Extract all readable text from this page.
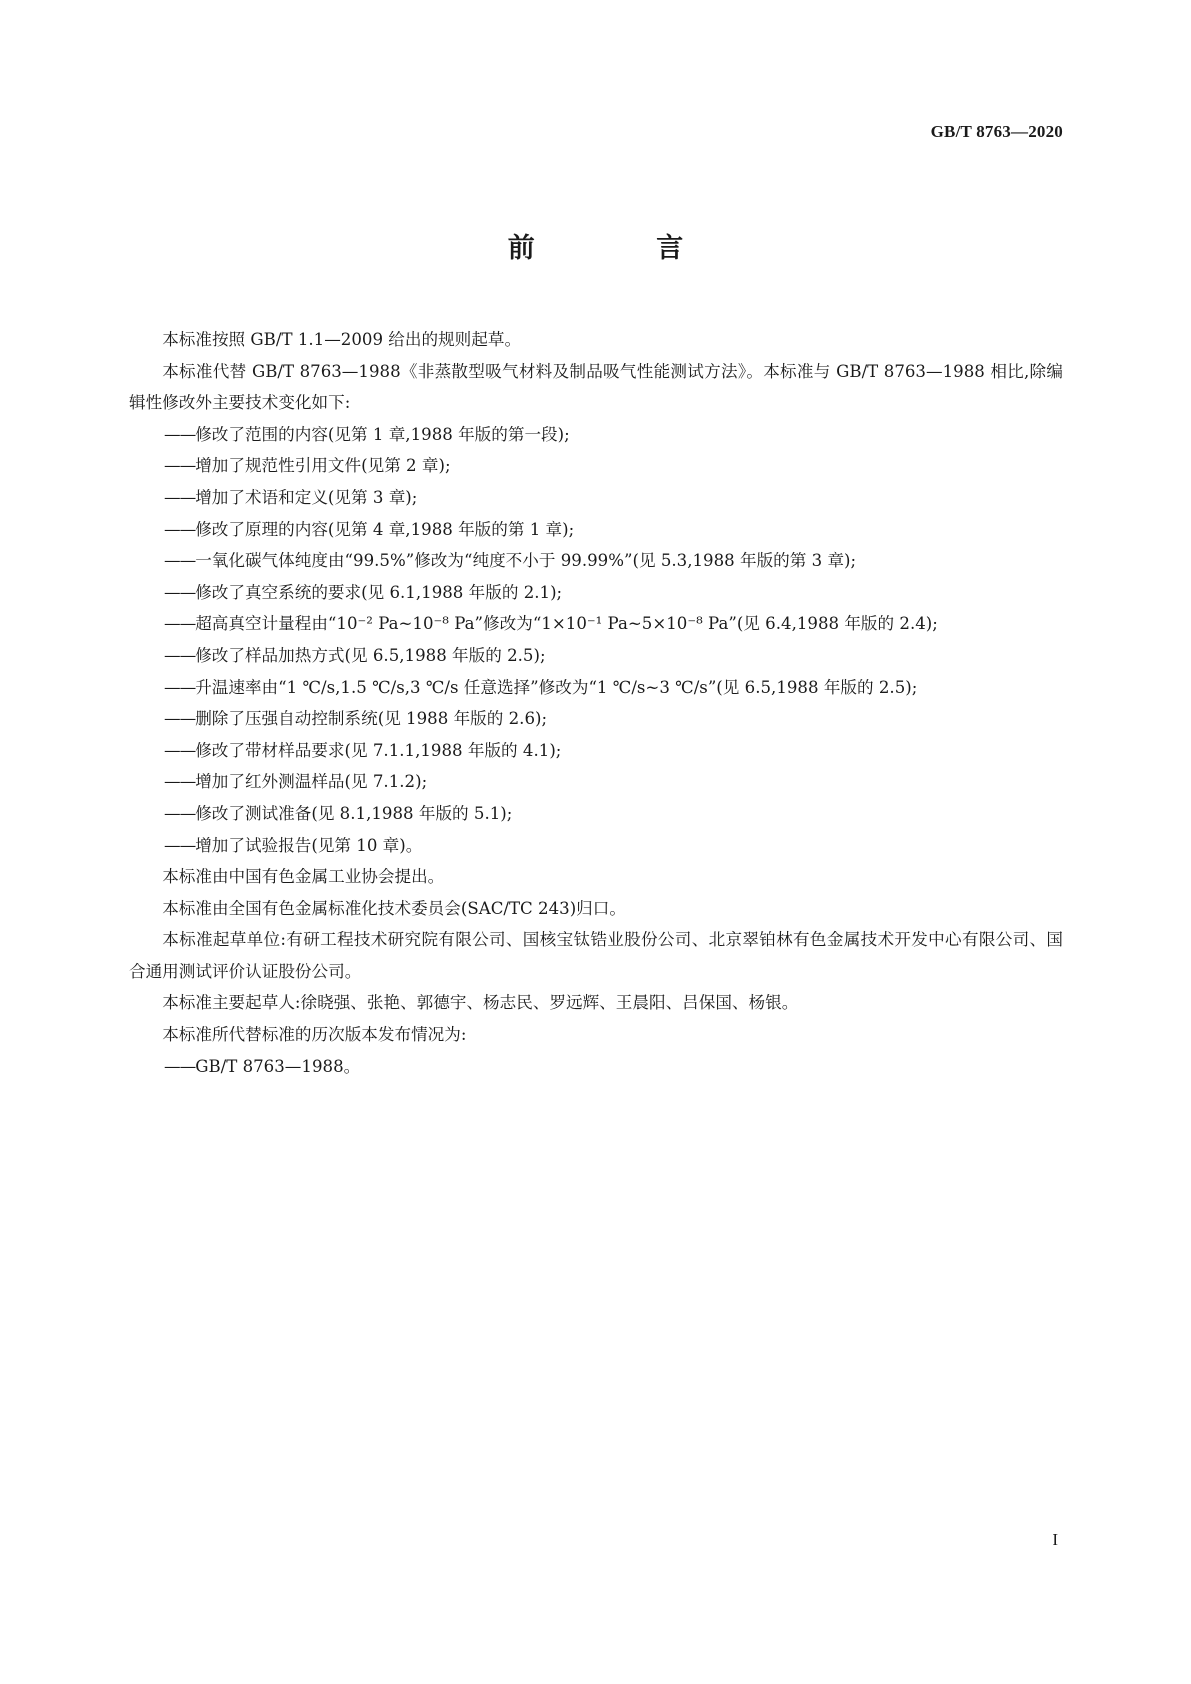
GB/T 8763—2020

前 言

本标准按照 GB/T 1.1—2009 给出的规则起草。

本标准代替 GB/T 8763—1988《非蒸散型吸气材料及制品吸气性能测试方法》。本标准与 GB/T 8763—1988 相比,除编辑性修改外主要技术变化如下:

——修改了范围的内容(见第 1 章,1988 年版的第一段);

——增加了规范性引用文件(见第 2 章);

——增加了术语和定义(见第 3 章);

——修改了原理的内容(见第 4 章,1988 年版的第 1 章);

——一氧化碳气体纯度由“99.5%”修改为“纯度不小于 99.99%”(见 5.3,1988 年版的第 3 章);

——修改了真空系统的要求(见 6.1,1988 年版的 2.1);

——超高真空计量程由“10⁻² Pa~10⁻⁸ Pa”修改为“1×10⁻¹ Pa~5×10⁻⁸ Pa”(见 6.4,1988 年版的 2.4);

——修改了样品加热方式(见 6.5,1988 年版的 2.5);

——升温速率由“1 ℃/s,1.5 ℃/s,3 ℃/s 任意选择”修改为“1 ℃/s~3 ℃/s”(见 6.5,1988 年版的 2.5);

——删除了压强自动控制系统(见 1988 年版的 2.6);

——修改了带材样品要求(见 7.1.1,1988 年版的 4.1);

——增加了红外测温样品(见 7.1.2);

——修改了测试准备(见 8.1,1988 年版的 5.1);

——增加了试验报告(见第 10 章)。

本标准由中国有色金属工业协会提出。

本标准由全国有色金属标准化技术委员会(SAC/TC 243)归口。

本标准起草单位:有研工程技术研究院有限公司、国核宝钛锆业股份公司、北京翠铂林有色金属技术开发中心有限公司、国合通用测试评价认证股份公司。

本标准主要起草人:徐晓强、张艳、郭德宇、杨志民、罗远辉、王晨阳、吕保国、杨银。

本标准所代替标准的历次版本发布情况为:

——GB/T 8763—1988。

I
